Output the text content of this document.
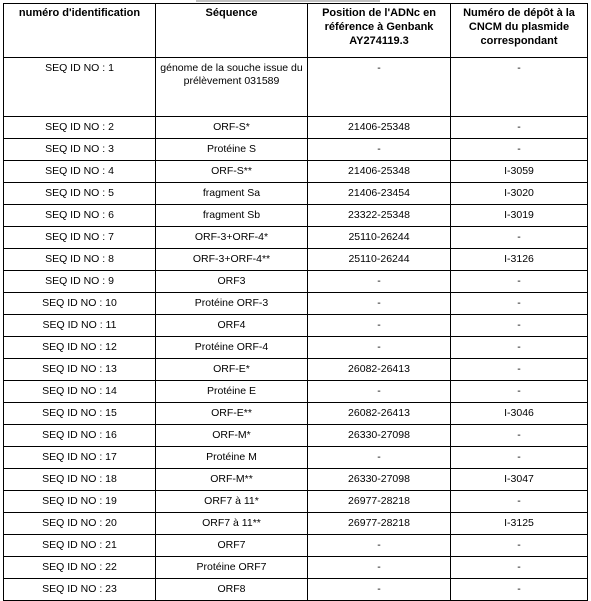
numéro d'identification	Séquence	Position de l'ADNc en référence à Genbank AY274119.3	Numéro de dépôt à la CNCM du plasmide correspondant
SEQ ID NO : 1	génome de la souche issue du prélèvement 031589	-	-
SEQ ID NO : 2	ORF-S*	21406-25348	-
SEQ ID NO : 3	Protéine S	-	-
SEQ ID NO : 4	ORF-S**	21406-25348	I-3059
SEQ ID NO : 5	fragment Sa	21406-23454	I-3020
SEQ ID NO : 6	fragment Sb	23322-25348	I-3019
SEQ ID NO : 7	ORF-3+ORF-4*	25110-26244	-
SEQ ID NO : 8	ORF-3+ORF-4**	25110-26244	I-3126
SEQ ID NO : 9	ORF3	-	-
SEQ ID NO : 10	Protéine ORF-3	-	-
SEQ ID NO : 11	ORF4	-	-
SEQ ID NO : 12	Protéine ORF-4	-	-
SEQ ID NO : 13	ORF-E*	26082-26413	-
SEQ ID NO : 14	Protéine E	-	-
SEQ ID NO : 15	ORF-E**	26082-26413	I-3046
SEQ ID NO : 16	ORF-M*	26330-27098	-
SEQ ID NO : 17	Protéine M	-	-
SEQ ID NO : 18	ORF-M**	26330-27098	I-3047
SEQ ID NO : 19	ORF7 à 11*	26977-28218	-
SEQ ID NO : 20	ORF7 à 11**	26977-28218	I-3125
SEQ ID NO : 21	ORF7	-	-
SEQ ID NO : 22	Protéine ORF7	-	-
SEQ ID NO : 23	ORF8	-	-
